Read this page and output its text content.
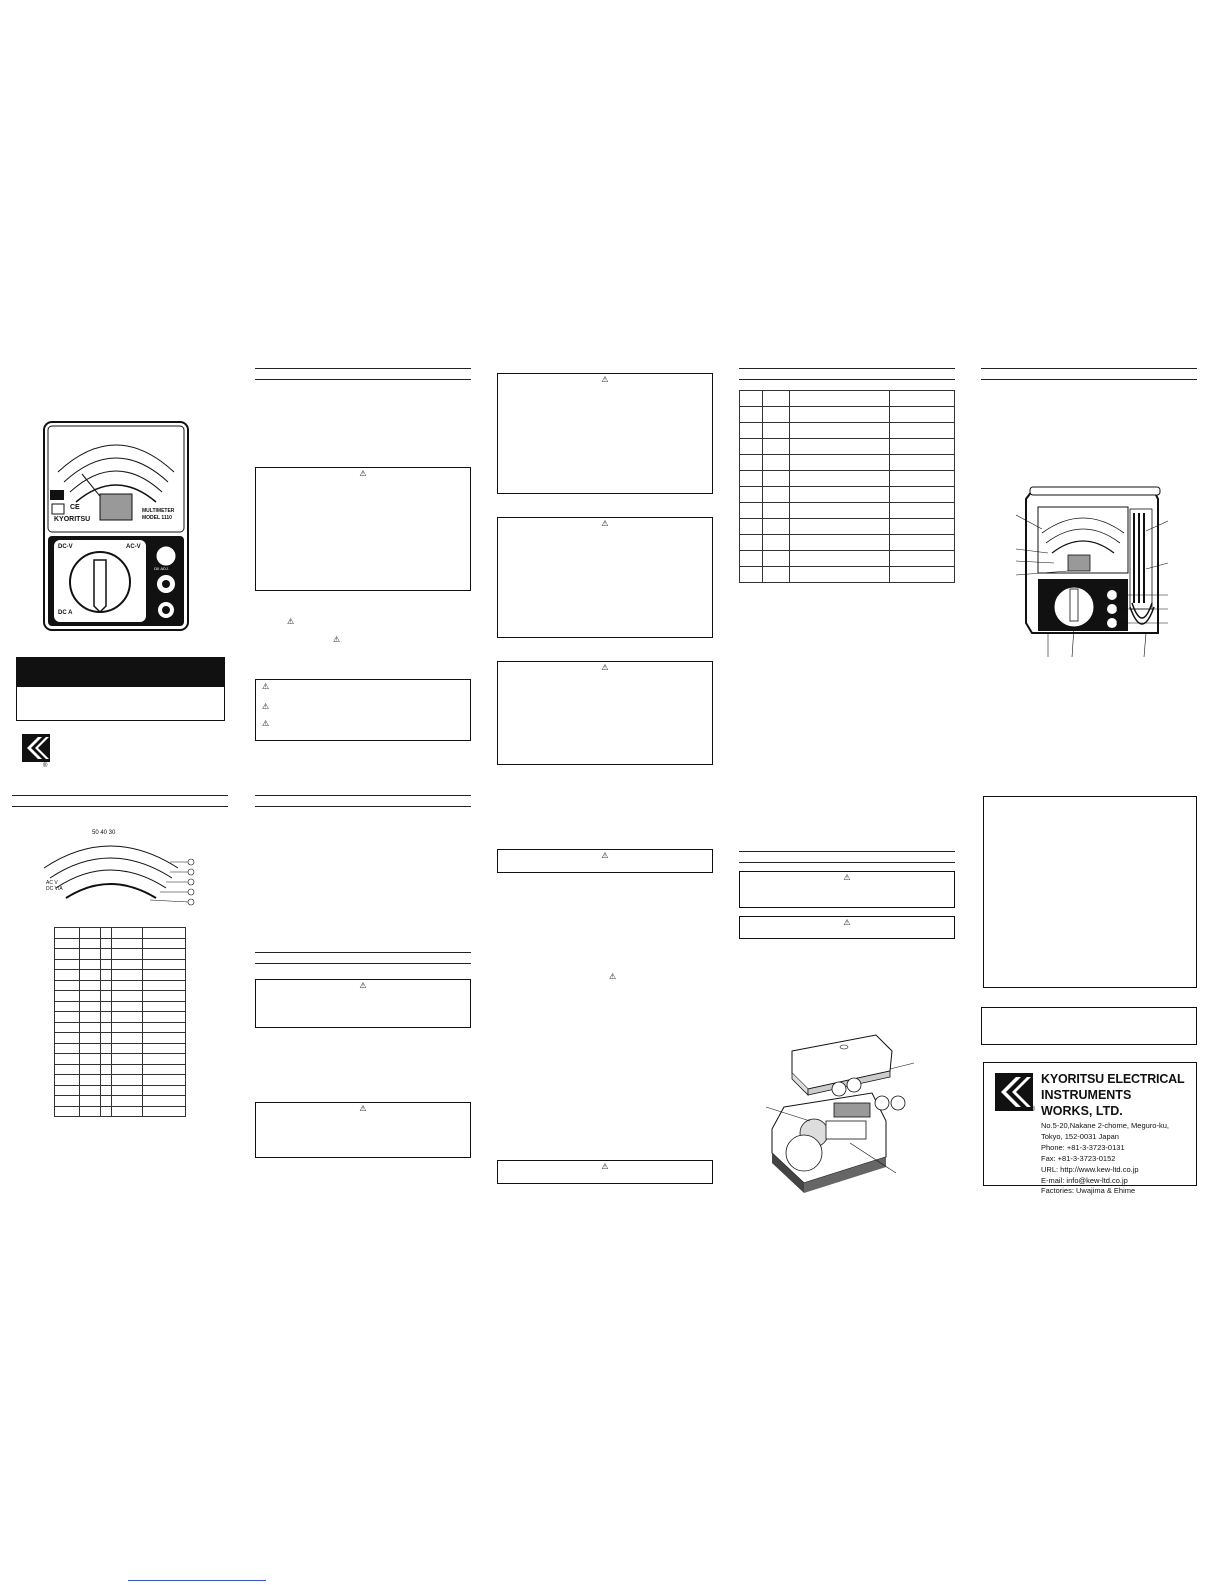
KYORITSU
MULTIMETER
MODEL 1110
CE
DC-V	AC-V
DC A
Ω0 ADJ.
®
50 40 30
AC V
DC V/A

⚠
⚠
⚠
⚠
⚠
⚠
⚠
⚠
⚠
⚠
⚠
⚠
⚠
⚠

⚠
⚠
®
KYORITSU ELECTRICAL
INSTRUMENTS
WORKS, LTD.
No.5-20,Nakane 2-chome, Meguro-ku,
Tokyo, 152-0031 Japan
Phone: +81-3-3723-0131
Fax: +81-3-3723-0152
URL: http://www.kew-ltd.co.jp
E-mail: info@kew-ltd.co.jp
Factories: Uwajima & Ehime
